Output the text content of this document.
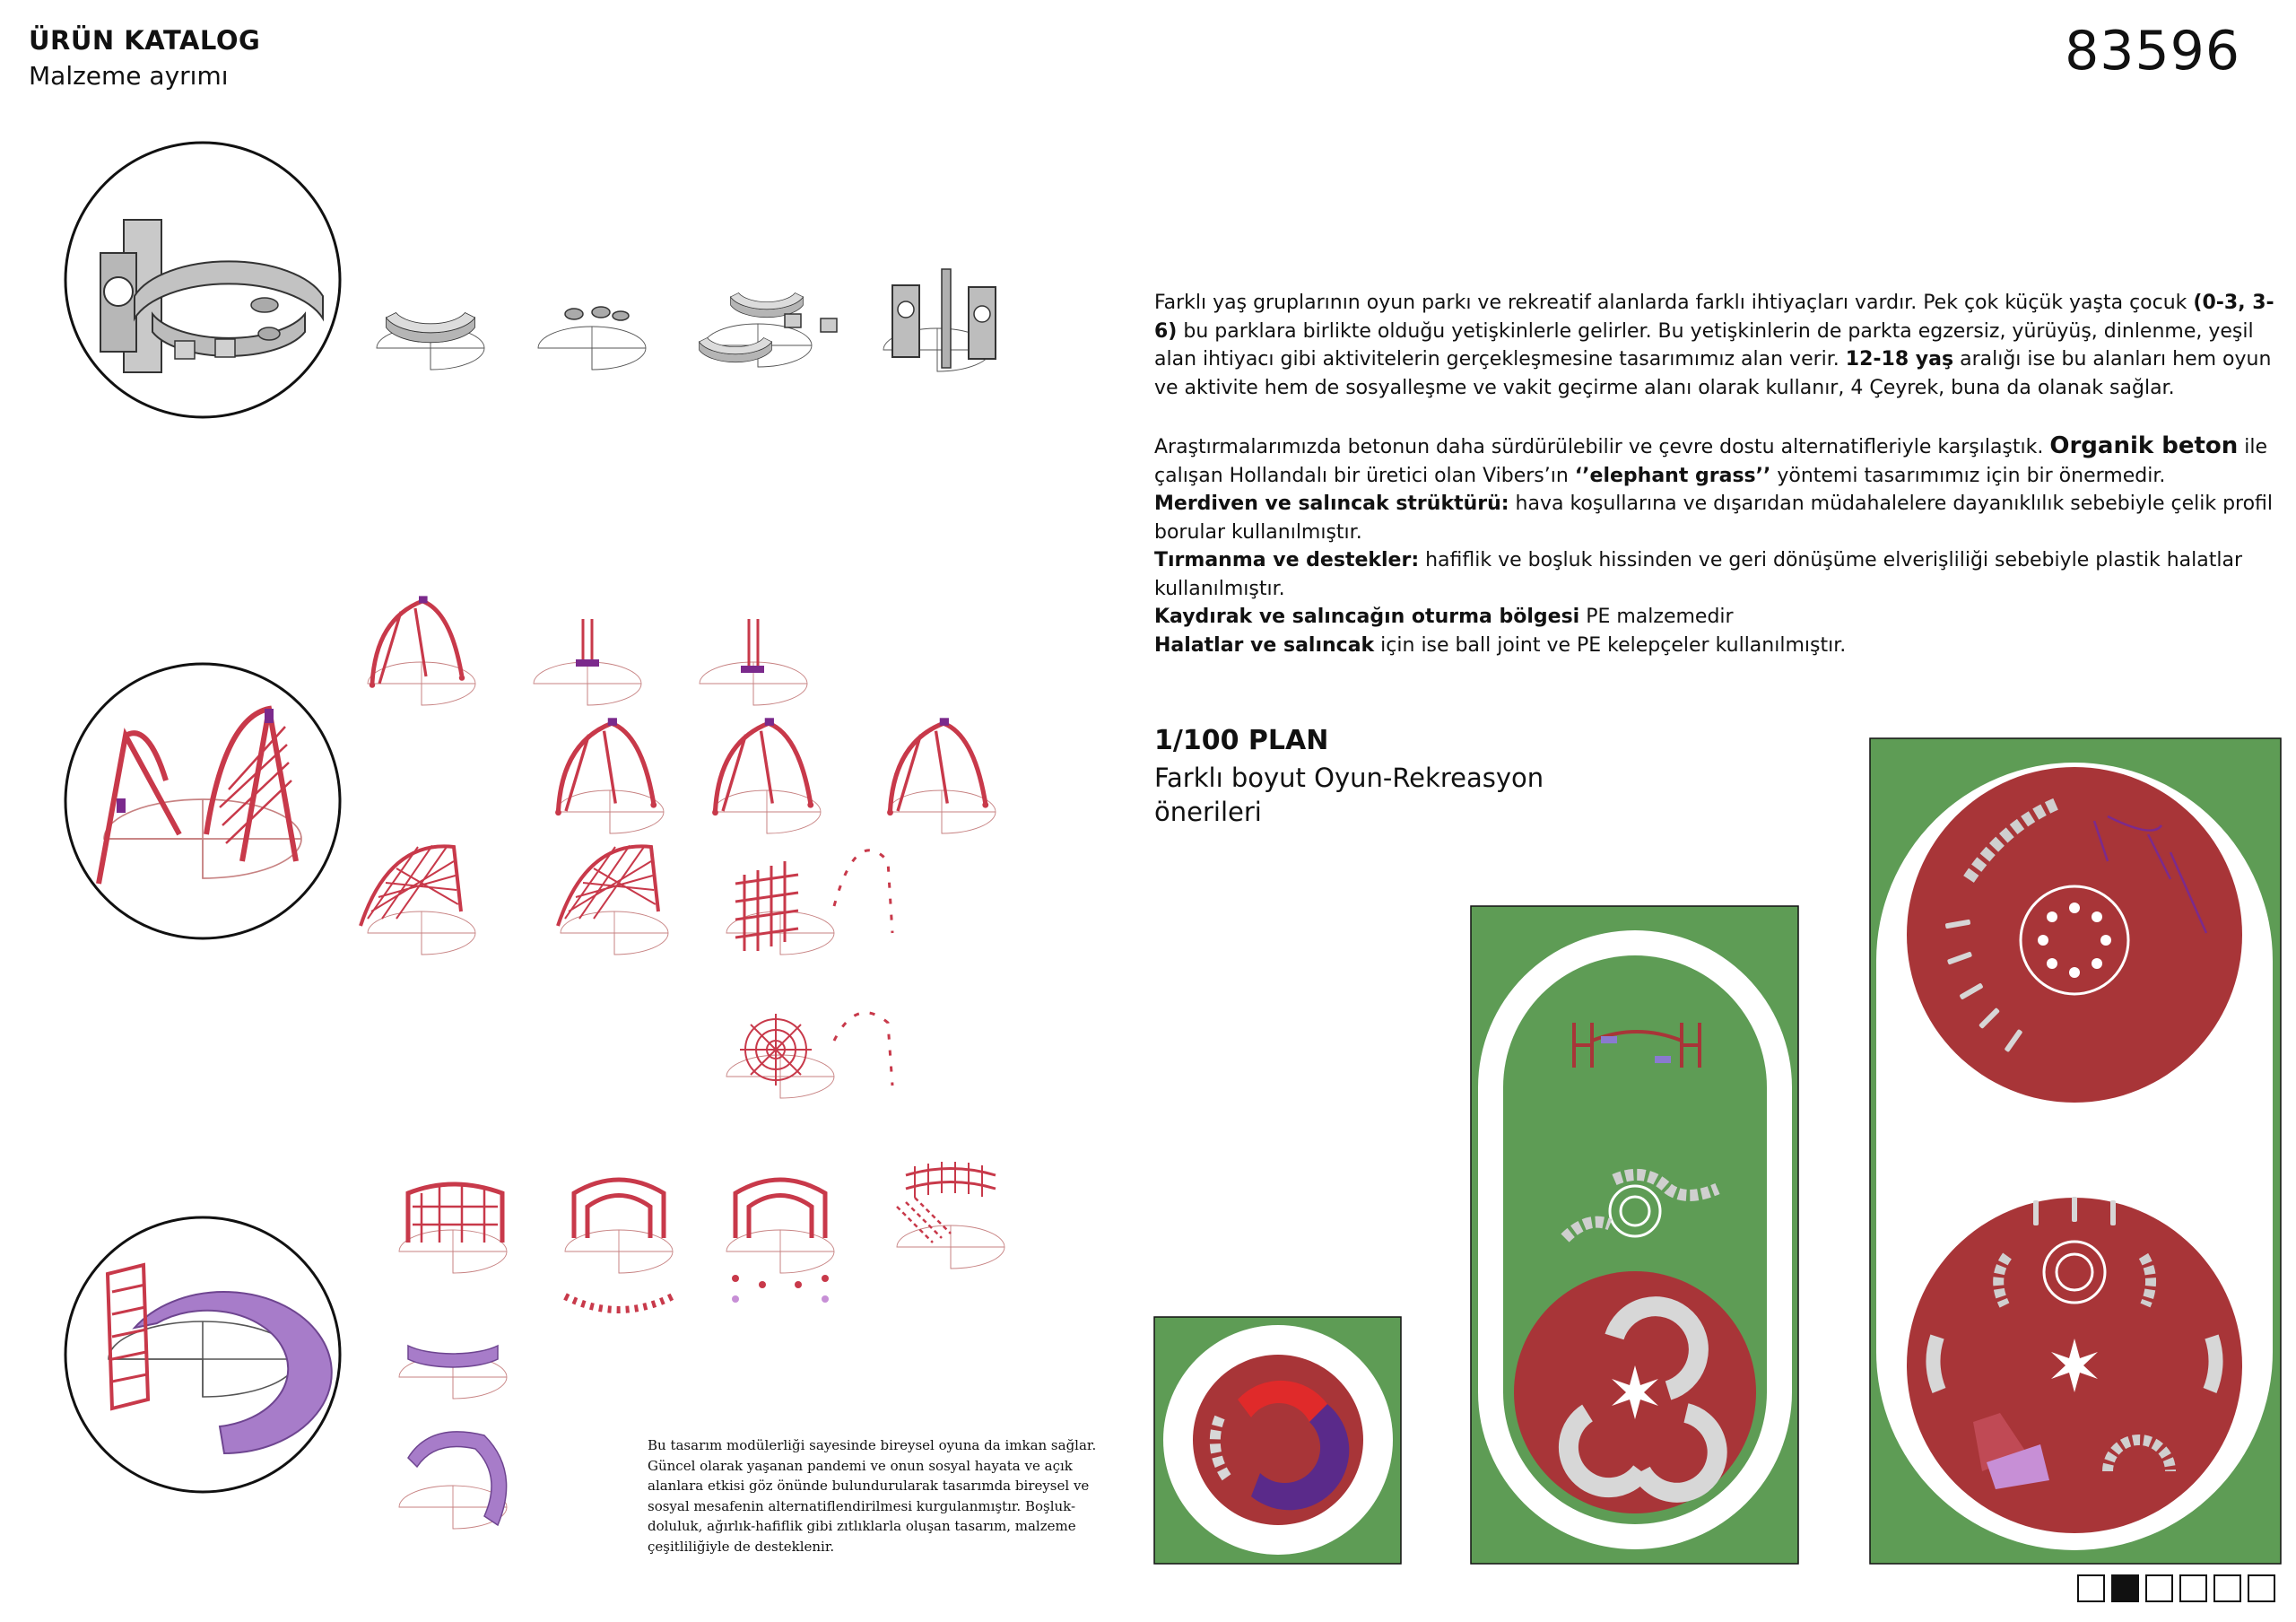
ÜRÜN KATALOG
Malzeme ayrımı	83596
Farklı yaş gruplarının oyun parkı ve rekreatif alanlarda farklı ihtiyaçları vardır. Pek çok küçük yaşta çocuk (0-3, 3-6) bu parklara birlikte olduğu yetişkinlerle gelirler. Bu yetişkinlerin de parkta egzersiz, yürüyüş, dinlenme, yeşil alan ihtiyacı gibi aktivitelerin gerçekleşmesine tasarımımız alan verir. 12-18 yaş aralığı ise bu alanları hem oyun ve aktivite hem de sosyalleşme ve vakit geçirme alanı olarak kullanır, 4 Çeyrek, buna da olanak sağlar.
Araştırmalarımızda betonun daha sürdürülebilir ve çevre dostu alternatifleriyle karşılaştık. Organik beton ile çalışan Hollandalı bir üretici olan Vibers’ın ‘’elephant grass’’ yöntemi tasarımımız için bir önermedir.
Merdiven ve salıncak strüktürü: hava koşullarına ve dışarıdan müdahalelere dayanıklılık sebebiyle çelik profil borular kullanılmıştır.
Tırmanma ve destekler: hafiflik ve boşluk hissinden ve geri dönüşüme elverişliliği sebebiyle plastik halatlar kullanılmıştır.
Kaydırak ve salıncağın oturma bölgesi PE malzemedir
Halatlar ve salıncak için ise ball joint ve PE kelepçeler kullanılmıştır.
1/100 PLAN
Farklı boyut Oyun-Rekreasyon önerileri
Bu tasarım modülerliği sayesinde bireysel oyuna da imkan sağlar. Güncel olarak yaşanan pandemi ve onun sosyal hayata ve açık alanlara etkisi göz önünde bulundurularak tasarımda bireysel ve sosyal mesafenin alternatiflendirilmesi kurgulanmıştır. Boşluk-doluluk, ağırlık-hafiflik gibi zıtlıklarla oluşan tasarım, malzeme çeşitliliğiyle de desteklenir.
